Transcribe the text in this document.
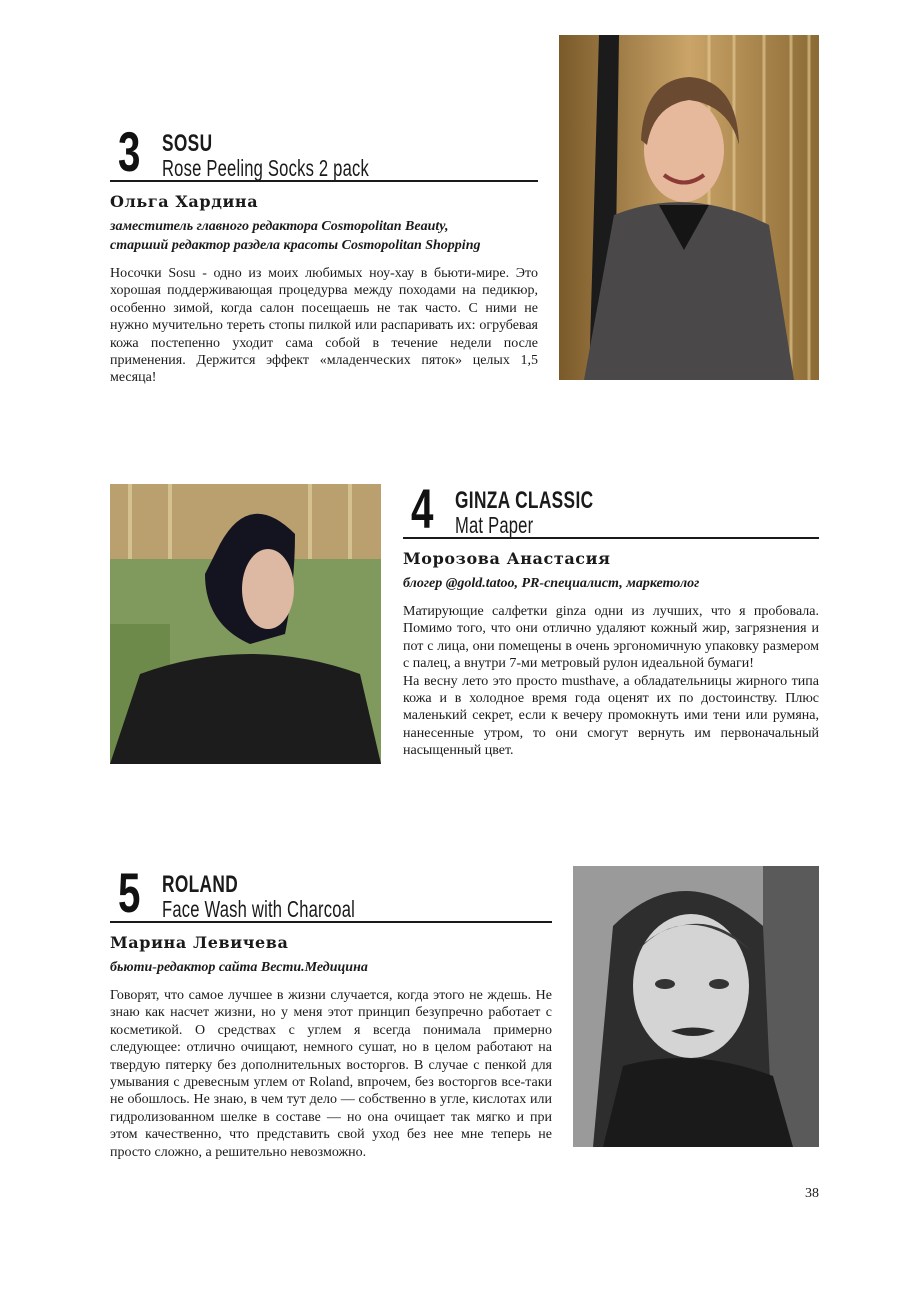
3 SOSU
Rose Peeling Socks 2 pack
Ольга Хардина
заместитель главного редактора Cosmopolitan Beauty,
старший редактор раздела красоты Cosmopolitan Shopping
Носочки Sosu - одно из моих любимых ноу-хау в бьюти-мире. Это хорошая поддерживающая процедурва между походами на педикюр, особенно зимой, когда салон посещаешь не так часто. С ними не нужно мучительно тереть стопы пилкой или распаривать их: огрубевая кожа постепенно уходит сама собой в течение недели после применения. Держится эффект «младенческих пяток» целых 1,5 месяца!
4 GINZA CLASSIC
Mat Paper
Морозова Анастасия
блогер @gold.tatoo, PR-специалист, маркетолог
Матирующие салфетки ginza одни из лучших, что я пробовала. Помимо того, что они отлично удаляют кожный жир, загрязнения и пот с лица, они помещены в очень эргономичную упаковку размером с палец, а внутри 7-ми метровый рулон идеальной бумаги!
На весну лето это просто musthave, а обладательницы жирного типа кожа и в холодное время года оценят их по достоинству. Плюс маленький секрет, если к вечеру промокнуть ими тени или румяна, нанесенные утром, то они смогут вернуть им первоначальный насыщенный цвет.
5 ROLAND
Face Wash with Charcoal
Марина Левичева
бьюти-редактор сайта Вести.Медицина
Говорят, что самое лучшее в жизни случается, когда этого не ждешь. Не знаю как насчет жизни, но у меня этот принцип безупречно работает с косметикой. О средствах с углем я всегда понимала примерно следующее: отлично очищают, немного сушат, но в целом работают на твердую пятерку без дополнительных восторгов. В случае с пенкой для умывания с древесным углем от Roland, впрочем, без восторгов все-таки не обошлось. Не знаю, в чем тут дело — собственно в угле, кислотах или гидролизованном шелке в составе — но она очищает так мягко и при этом качественно, что представить свой уход без нее мне теперь не просто сложно, а решительно невозможно.
38
